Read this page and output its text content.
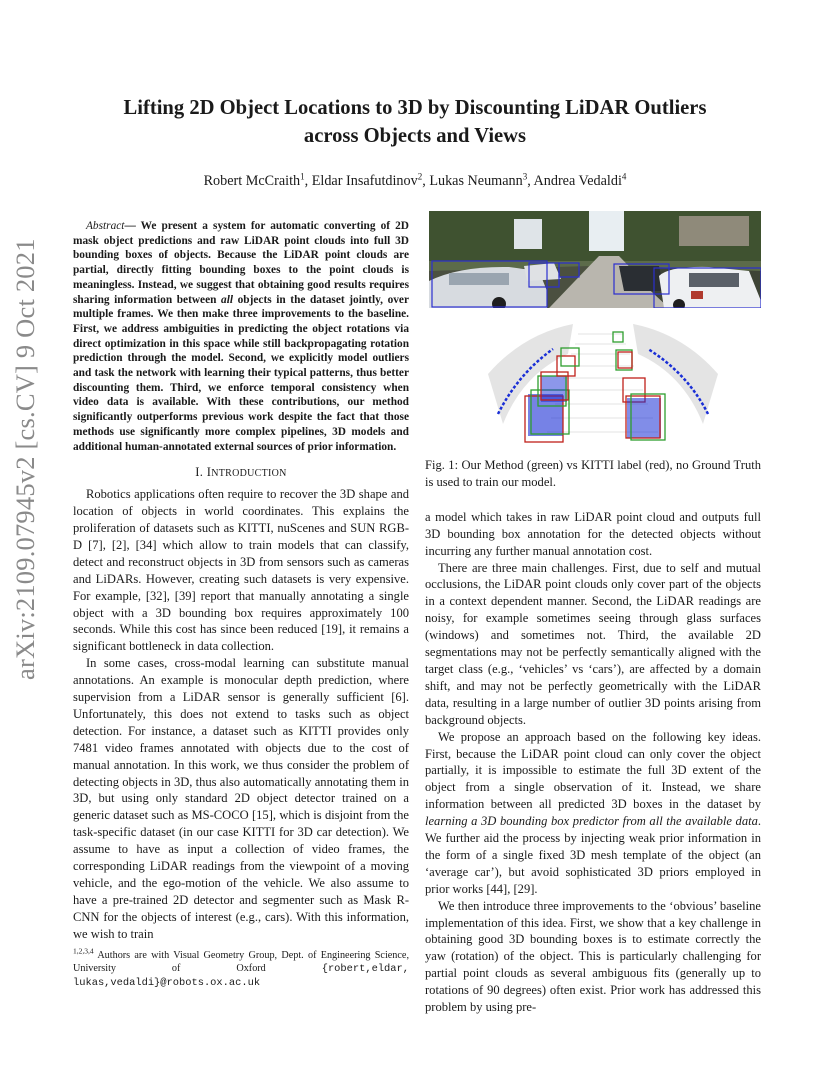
arXiv:2109.07945v2 [cs.CV] 9 Oct 2021
Lifting 2D Object Locations to 3D by Discounting LiDAR Outliers
across Objects and Views
Robert McCraith$^1$, Eldar Insafutdinov$^2$, Lukas Neumann$^3$, Andrea Vedaldi$^4$

Abstract— We present a system for automatic converting of 2D mask object predictions and raw LiDAR point clouds into full 3D bounding boxes of objects. Because the LiDAR point clouds are partial, directly fitting bounding boxes to the point clouds is meaningless. Instead, we suggest that obtaining good results requires sharing information between all objects in the dataset jointly, over multiple frames. We then make three improvements to the baseline. First, we address ambiguities in predicting the object rotations via direct optimization in this space while still backpropagating rotation prediction through the model. Second, we explicitly model outliers and task the network with learning their typical patterns, thus better discounting them. Third, we enforce temporal consistency when video data is available. With these contributions, our method significantly outperforms previous work despite the fact that those methods use significantly more complex pipelines, 3D models and additional human-annotated external sources of prior information.

I. INTRODUCTION

Robotics applications often require to recover the 3D shape and location of objects in world coordinates. This explains the proliferation of datasets such as KITTI, nuScenes and SUN RGB-D [7], [2], [34] which allow to train models that can classify, detect and reconstruct objects in 3D from sensors such as cameras and LiDARs. However, creating such datasets is very expensive. For example, [32], [39] report that manually annotating a single object with a 3D bounding box requires approximately 100 seconds. While this cost has since been reduced [19], it remains a significant bottleneck in data collection.

In some cases, cross-modal learning can substitute manual annotations. An example is monocular depth prediction, where supervision from a LiDAR sensor is generally sufficient [6]. Unfortunately, this does not extend to tasks such as object detection. For instance, a dataset such as KITTI provides only 7481 video frames annotated with objects due to the cost of manual annotation. In this work, we thus consider the problem of detecting objects in 3D, thus also automatically annotating them in 3D, but using only standard 2D object detector trained on a generic dataset such as MS-COCO [15], which is disjoint from the task-specific dataset (in our case KITTI for 3D car detection). We assume to have as input a collection of video frames, the corresponding LiDAR readings from the viewpoint of a moving vehicle, and the ego-motion of the vehicle. We also assume to have a pre-trained 2D detector and segmenter such as Mask R-CNN for the objects of interest (e.g., cars). With this information, we wish to train

$^{1,2,3,4}$ Authors are with Visual Geometry Group, Dept. of Engineering Science, University of Oxford {robert,eldar, lukas,vedaldi}@robots.ox.ac.uk
Fig. 1: Our Method (green) vs KITTI label (red), no Ground Truth is used to train our model.

a model which takes in raw LiDAR point cloud and outputs full 3D bounding box annotation for the detected objects without incurring any further manual annotation cost.

There are three main challenges. First, due to self and mutual occlusions, the LiDAR point clouds only cover part of the objects in a context dependent manner. Second, the LiDAR readings are noisy, for example sometimes seeing through glass surfaces (windows) and sometimes not. Third, the available 2D segmentations may not be perfectly semantically aligned with the target class (e.g., ‘vehicles’ vs ‘cars’), are affected by a domain shift, and may not be perfectly geometrically with the LiDAR data, resulting in a large number of outlier 3D points arising from background objects.

We propose an approach based on the following key ideas. First, because the LiDAR point cloud can only cover the object partially, it is impossible to estimate the full 3D extent of the object from a single observation of it. Instead, we share information between all predicted 3D boxes in the dataset by learning a 3D bounding box predictor from all the available data. We further aid the process by injecting weak prior information in the form of a single fixed 3D mesh template of the object (an ‘average car’), but avoid sophisticated 3D priors employed in prior works [44], [29].

We then introduce three improvements to the ‘obvious’ baseline implementation of this idea. First, we show that a key challenge in obtaining good 3D bounding boxes is to estimate correctly the yaw (rotation) of the object. This is particularly challenging for partial point clouds as several ambiguous fits (generally up to rotations of 90 degrees) often exist. Prior work has addressed this problem by using pre-
